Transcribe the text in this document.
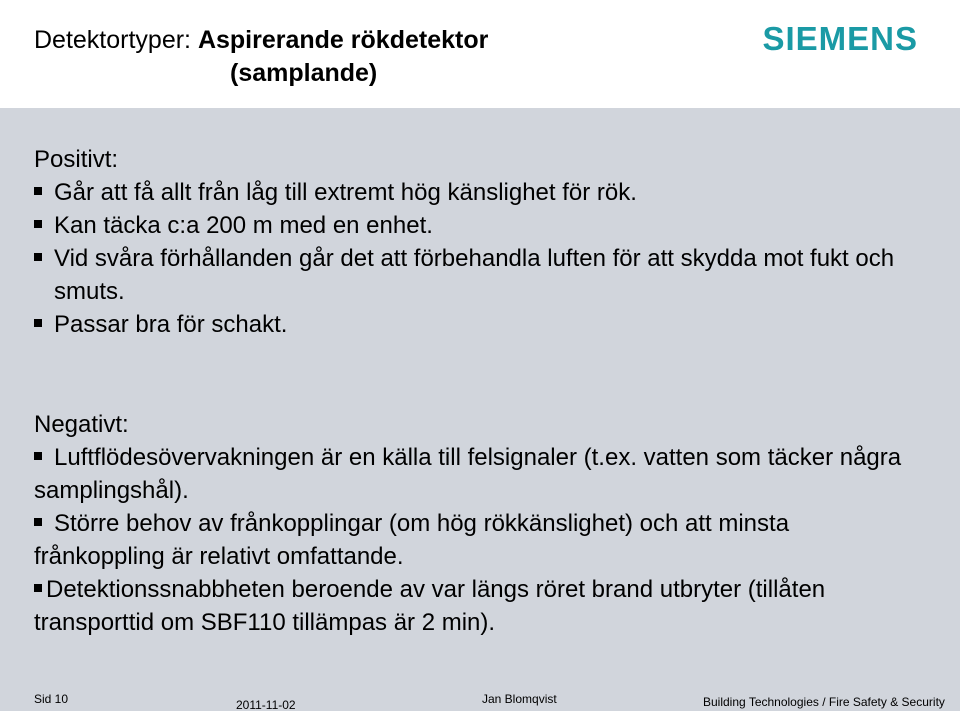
Detektortyper: Aspirerande rökdetektor
(samplande)
SIEMENS
Positivt:
Går att få allt från låg till extremt hög känslighet för rök.
Kan täcka c:a 200 m med en enhet.
Vid svåra förhållanden går det att förbehandla luften för att skydda mot fukt och smuts.
Passar bra för schakt.
Negativt:
Luftflödesövervakningen är en källa till felsignaler (t.ex. vatten som täcker några samplingshål).
Större behov av frånkopplingar (om hög rökkänslighet) och att minsta frånkoppling är relativt omfattande.
Detektionssnabbheten beroende av var längs röret brand utbryter (tillåten transporttid om SBF110 tillämpas är 2 min).
Sid 10	2011-11-02	Jan Blomqvist	Building Technologies / Fire Safety & Security
